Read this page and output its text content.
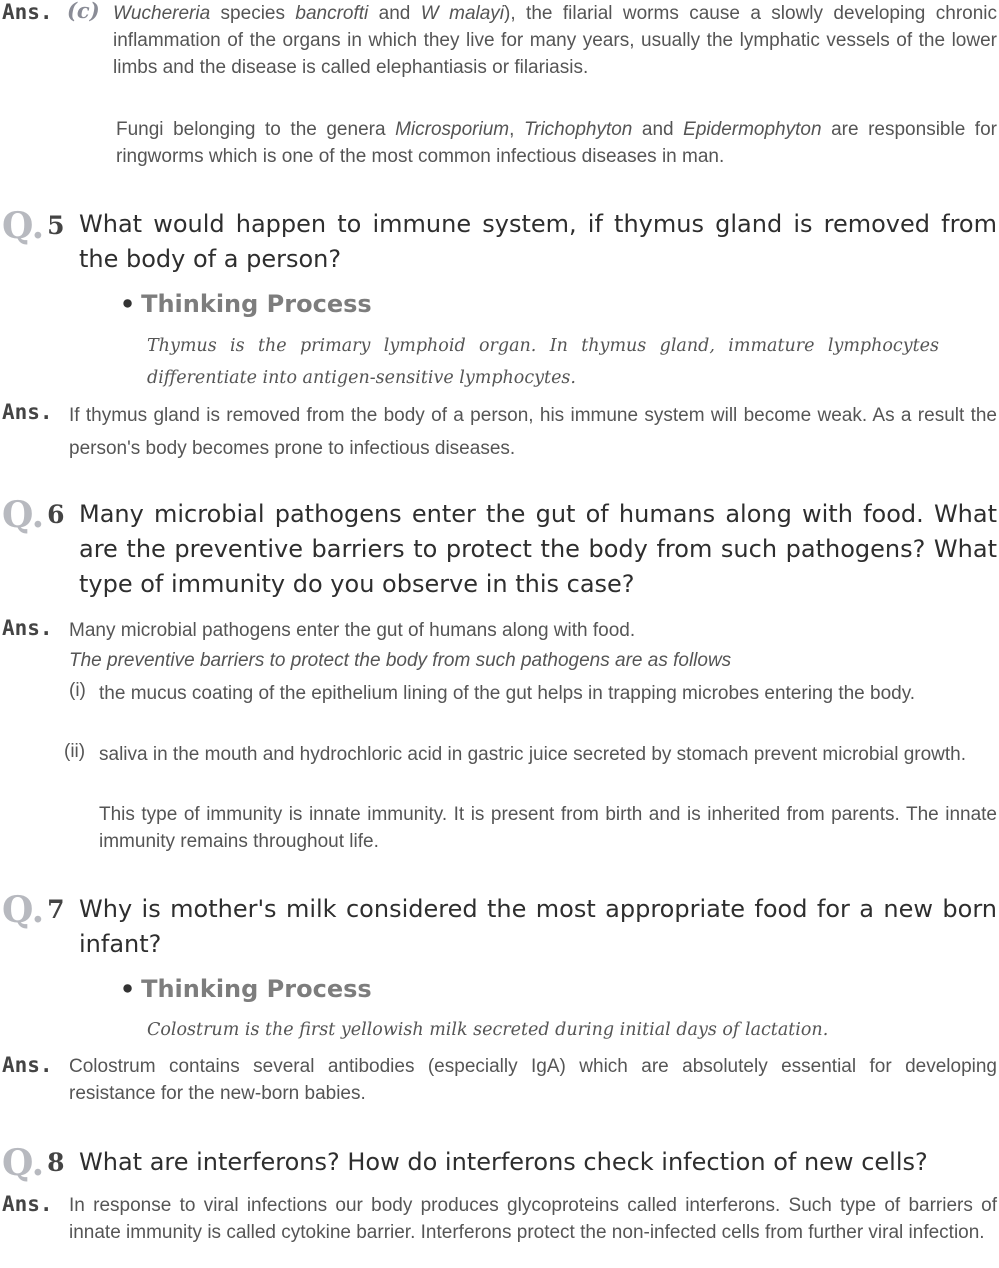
Ans. (c) Wuchereria species bancrofti and W malayi), the filarial worms cause a slowly developing chronic inflammation of the organs in which they live for many years, usually the lymphatic vessels of the lower limbs and the disease is called elephantiasis or filariasis.
Fungi belonging to the genera Microsporium, Trichophyton and Epidermophyton are responsible for ringworms which is one of the most common infectious diseases in man.
Q. 5 What would happen to immune system, if thymus gland is removed from the body of a person?
⚫ Thinking Process
Thymus is the primary lymphoid organ. In thymus gland, immature lymphocytes differentiate into antigen-sensitive lymphocytes.
Ans. If thymus gland is removed from the body of a person, his immune system will become weak. As a result the person's body becomes prone to infectious diseases.
Q. 6 Many microbial pathogens enter the gut of humans along with food. What are the preventive barriers to protect the body from such pathogens? What type of immunity do you observe in this case?
Ans. Many microbial pathogens enter the gut of humans along with food.
The preventive barriers to protect the body from such pathogens are as follows
(i) the mucus coating of the epithelium lining of the gut helps in trapping microbes entering the body.
(ii) saliva in the mouth and hydrochloric acid in gastric juice secreted by stomach prevent microbial growth.
This type of immunity is innate immunity. It is present from birth and is inherited from parents. The innate immunity remains throughout life.
Q. 7 Why is mother's milk considered the most appropriate food for a new born infant?
⚫ Thinking Process
Colostrum is the first yellowish milk secreted during initial days of lactation.
Ans. Colostrum contains several antibodies (especially IgA) which are absolutely essential for developing resistance for the new-born babies.
Q. 8 What are interferons? How do interferons check infection of new cells?
Ans. In response to viral infections our body produces glycoproteins called interferons. Such type of barriers of innate immunity is called cytokine barrier. Interferons protect the non-infected cells from further viral infection.
